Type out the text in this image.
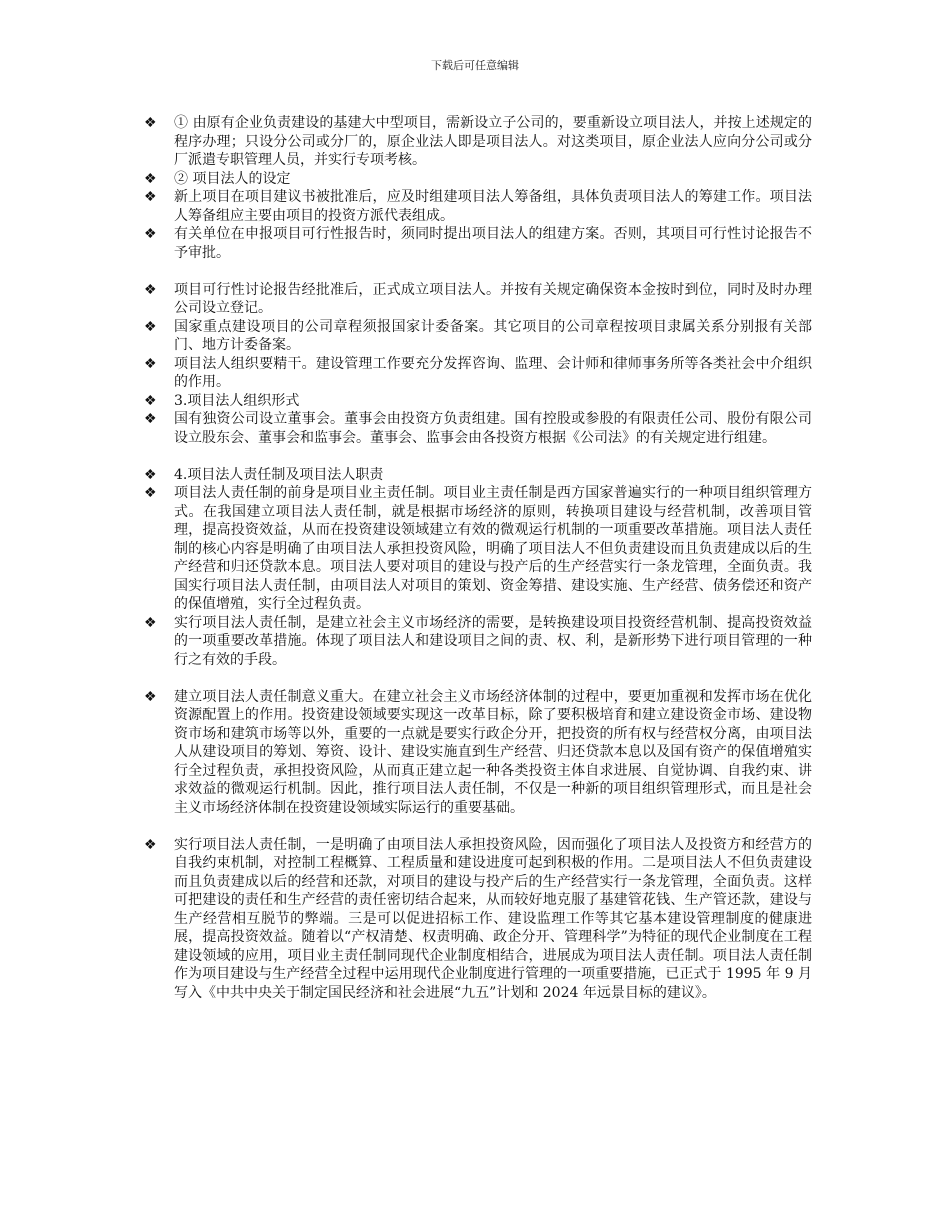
下载后可任意编辑
❖ ① 由原有企业负责建设的基建大中型项目，需新设立子公司的，要重新设立项目法人，并按上述规定的程序办理；只设分公司或分厂的，原企业法人即是项目法人。对这类项目，原企业法人应向分公司或分厂派遣专职管理人员，并实行专项考核。
❖ ② 项目法人的设定
❖ 新上项目在项目建议书被批准后，应及时组建项目法人筹备组，具体负责项目法人的筹建工作。项目法人筹备组应主要由项目的投资方派代表组成。
❖ 有关单位在申报项目可行性报告时，须同时提出项目法人的组建方案。否则，其项目可行性讨论报告不予审批。
❖ 项目可行性讨论报告经批准后，正式成立项目法人。并按有关规定确保资本金按时到位，同时及时办理公司设立登记。
❖ 国家重点建设项目的公司章程须报国家计委备案。其它项目的公司章程按项目隶属关系分别报有关部门、地方计委备案。
❖ 项目法人组织要精干。建设管理工作要充分发挥咨询、监理、会计师和律师事务所等各类社会中介组织的作用。
❖ 3.项目法人组织形式
❖ 国有独资公司设立董事会。董事会由投资方负责组建。国有控股或参股的有限责任公司、股份有限公司设立股东会、董事会和监事会。董事会、监事会由各投资方根据《公司法》的有关规定进行组建。
❖ 4.项目法人责任制及项目法人职责
❖ 项目法人责任制的前身是项目业主责任制。项目业主责任制是西方国家普遍实行的一种项目组织管理方式。在我国建立项目法人责任制，就是根据市场经济的原则，转换项目建设与经营机制，改善项目管理，提高投资效益，从而在投资建设领域建立有效的微观运行机制的一项重要改革措施。项目法人责任制的核心内容是明确了由项目法人承担投资风险，明确了项目法人不但负责建设而且负责建成以后的生产经营和归还贷款本息。项目法人要对项目的建设与投产后的生产经营实行一条龙管理，全面负责。我国实行项目法人责任制，由项目法人对项目的策划、资金筹措、建设实施、生产经营、债务偿还和资产的保值增殖，实行全过程负责。
❖ 实行项目法人责任制，是建立社会主义市场经济的需要，是转换建设项目投资经营机制、提高投资效益的一项重要改革措施。体现了项目法人和建设项目之间的责、权、利，是新形势下进行项目管理的一种行之有效的手段。
❖ 建立项目法人责任制意义重大。在建立社会主义市场经济体制的过程中，要更加重视和发挥市场在优化资源配置上的作用。投资建设领域要实现这一改革目标，除了要积极培育和建立建设资金市场、建设物资市场和建筑市场等以外，重要的一点就是要实行政企分开，把投资的所有权与经营权分离，由项目法人从建设项目的筹划、筹资、设计、建设实施直到生产经营、归还贷款本息以及国有资产的保值增殖实行全过程负责，承担投资风险，从而真正建立起一种各类投资主体自求进展、自觉协调、自我约束、讲求效益的微观运行机制。因此，推行项目法人责任制，不仅是一种新的项目组织管理形式，而且是社会主义市场经济体制在投资建设领域实际运行的重要基础。
❖ 实行项目法人责任制，一是明确了由项目法人承担投资风险，因而强化了项目法人及投资方和经营方的自我约束机制，对控制工程概算、工程质量和建设进度可起到积极的作用。二是项目法人不但负责建设而且负责建成以后的经营和还款，对项目的建设与投产后的生产经营实行一条龙管理，全面负责。这样可把建设的责任和生产经营的责任密切结合起来，从而较好地克服了基建管花钱、生产管还款，建设与生产经营相互脱节的弊端。三是可以促进招标工作、建设监理工作等其它基本建设管理制度的健康进展，提高投资效益。随着以“产权清楚、权责明确、政企分开、管理科学”为特征的现代企业制度在工程建设领域的应用，项目业主责任制同现代企业制度相结合，进展成为项目法人责任制。项目法人责任制作为项目建设与生产经营全过程中运用现代企业制度进行管理的一项重要措施，已正式于 1995 年 9 月写入《中共中央关于制定国民经济和社会进展“九五”计划和 2024 年远景目标的建议》。
